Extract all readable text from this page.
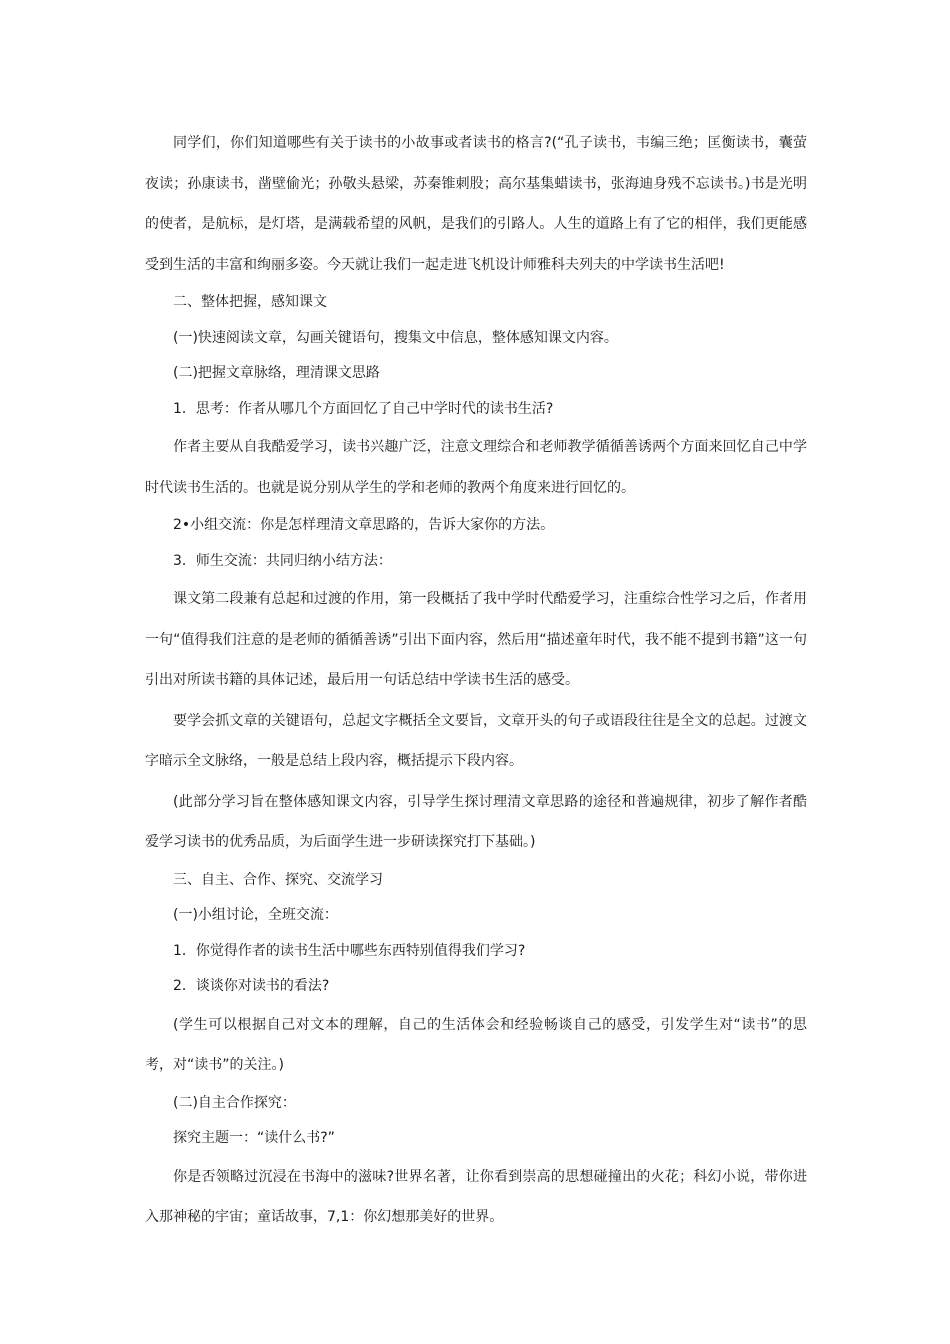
同学们，你们知道哪些有关于读书的小故事或者读书的格言?(“孔子读书，韦编三绝；匡衡读书，囊萤夜读；孙康读书，凿壁偷光；孙敬头悬梁，苏秦锥刺股；高尔基集蜡读书，张海迪身残不忘读书。)书是光明的使者，是航标，是灯塔，是满载希望的风帆，是我们的引路人。人生的道路上有了它的相伴，我们更能感受到生活的丰富和绚丽多姿。今天就让我们一起走进飞机设计师雅科夫列夫的中学读书生活吧!

二、整体把握，感知课文

(一)快速阅读文章，勾画关键语句，搜集文中信息，整体感知课文内容。

(二)把握文章脉络，理清课文思路

1．思考：作者从哪几个方面回忆了自己中学时代的读书生活?

作者主要从自我酷爱学习，读书兴趣广泛，注意文理综合和老师教学循循善诱两个方面来回忆自己中学时代读书生活的。也就是说分别从学生的学和老师的教两个角度来进行回忆的。

2•小组交流：你是怎样理清文章思路的，告诉大家你的方法。

3．师生交流：共同归纳小结方法：

课文第二段兼有总起和过渡的作用，第一段概括了我中学时代酷爱学习，注重综合性学习之后，作者用一句“值得我们注意的是老师的循循善诱”引出下面内容，然后用“描述童年时代，我不能不提到书籍”这一句引出对所读书籍的具体记述，最后用一句话总结中学读书生活的感受。

要学会抓文章的关键语句，总起文字概括全文要旨，文章开头的句子或语段往往是全文的总起。过渡文字暗示全文脉络，一般是总结上段内容，概括提示下段内容。

(此部分学习旨在整体感知课文内容，引导学生探讨理清文章思路的途径和普遍规律，初步了解作者酷爱学习读书的优秀品质，为后面学生进一步研读探究打下基础。)

三、自主、合作、探究、交流学习

(一)小组讨论，全班交流：

1．你觉得作者的读书生活中哪些东西特别值得我们学习?

2．谈谈你对读书的看法?

(学生可以根据自己对文本的理解，自己的生活体会和经验畅谈自己的感受，引发学生对“读书”的思考，对“读书”的关注。)

(二)自主合作探究：

探究主题一：“读什么书?”

你是否领略过沉浸在书海中的滋味?世界名著，让你看到崇高的思想碰撞出的火花；科幻小说，带你进入那神秘的宇宙；童话故事，7,1：你幻想那美好的世界。
